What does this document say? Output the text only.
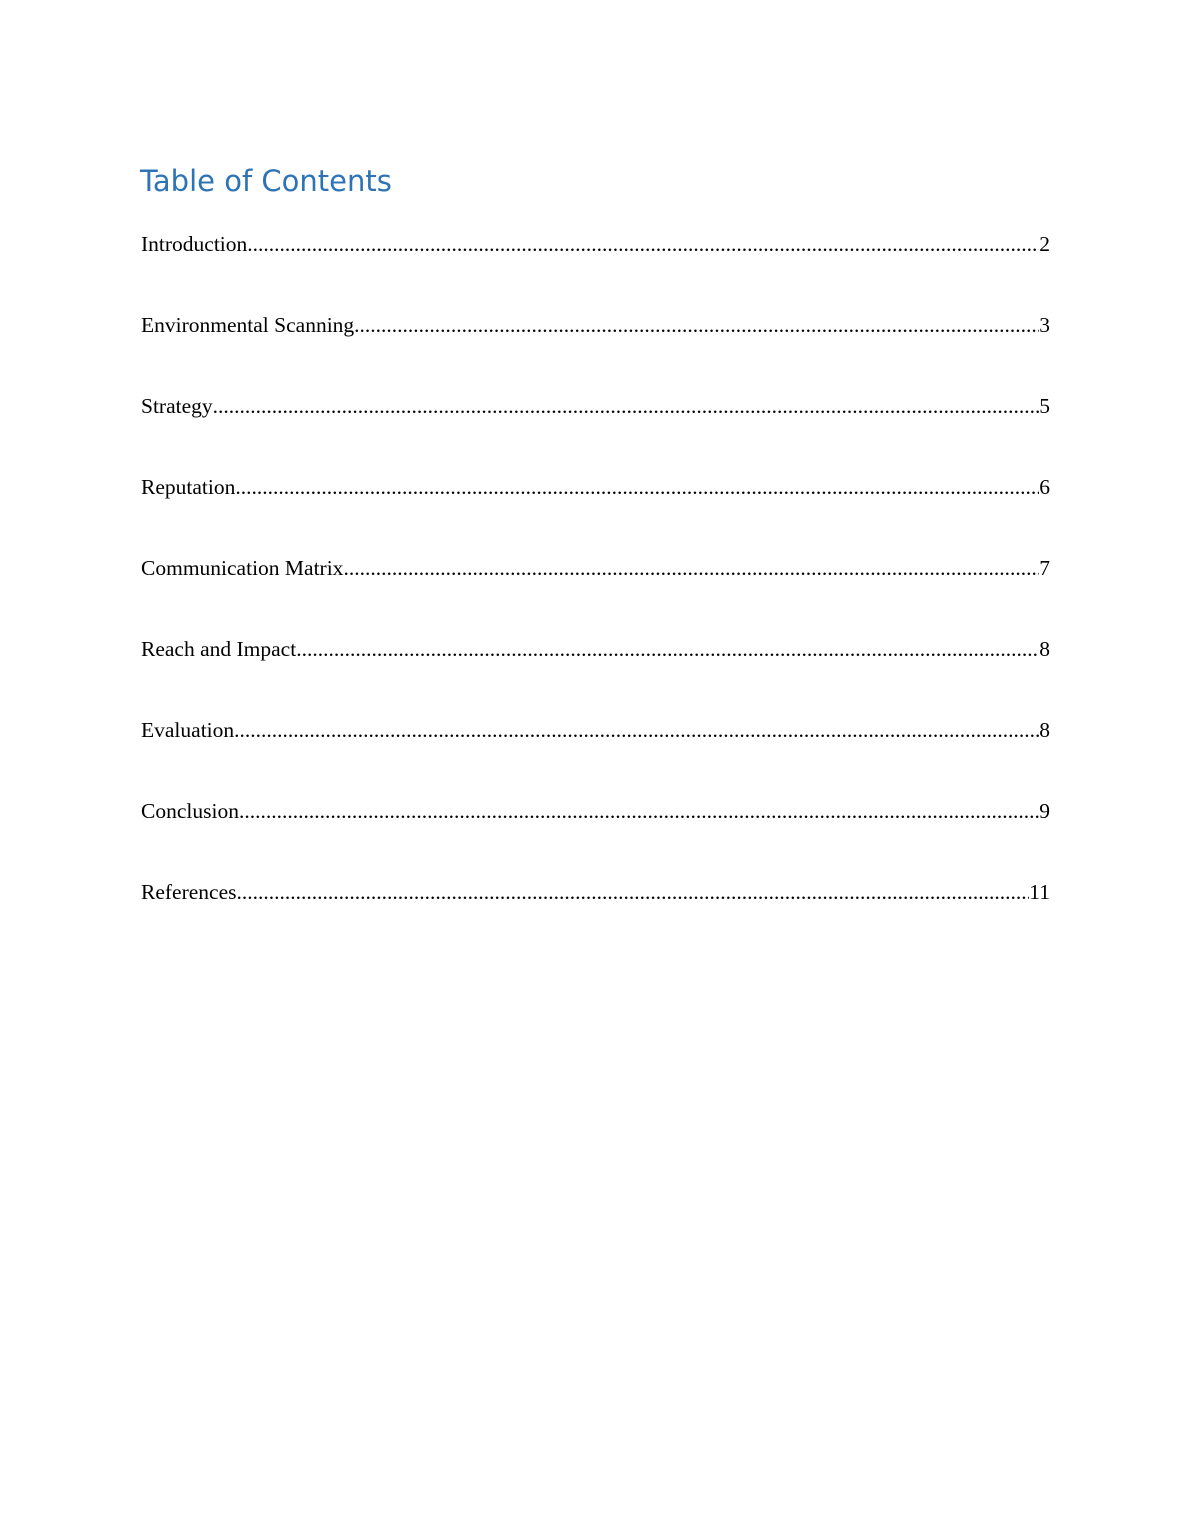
Table of Contents
Introduction .....	2
Environmental Scanning .....	3
Strategy .....	5
Reputation .....	6
Communication Matrix .....	7
Reach and Impact .....	8
Evaluation .....	8
Conclusion .....	9
References .....	11
